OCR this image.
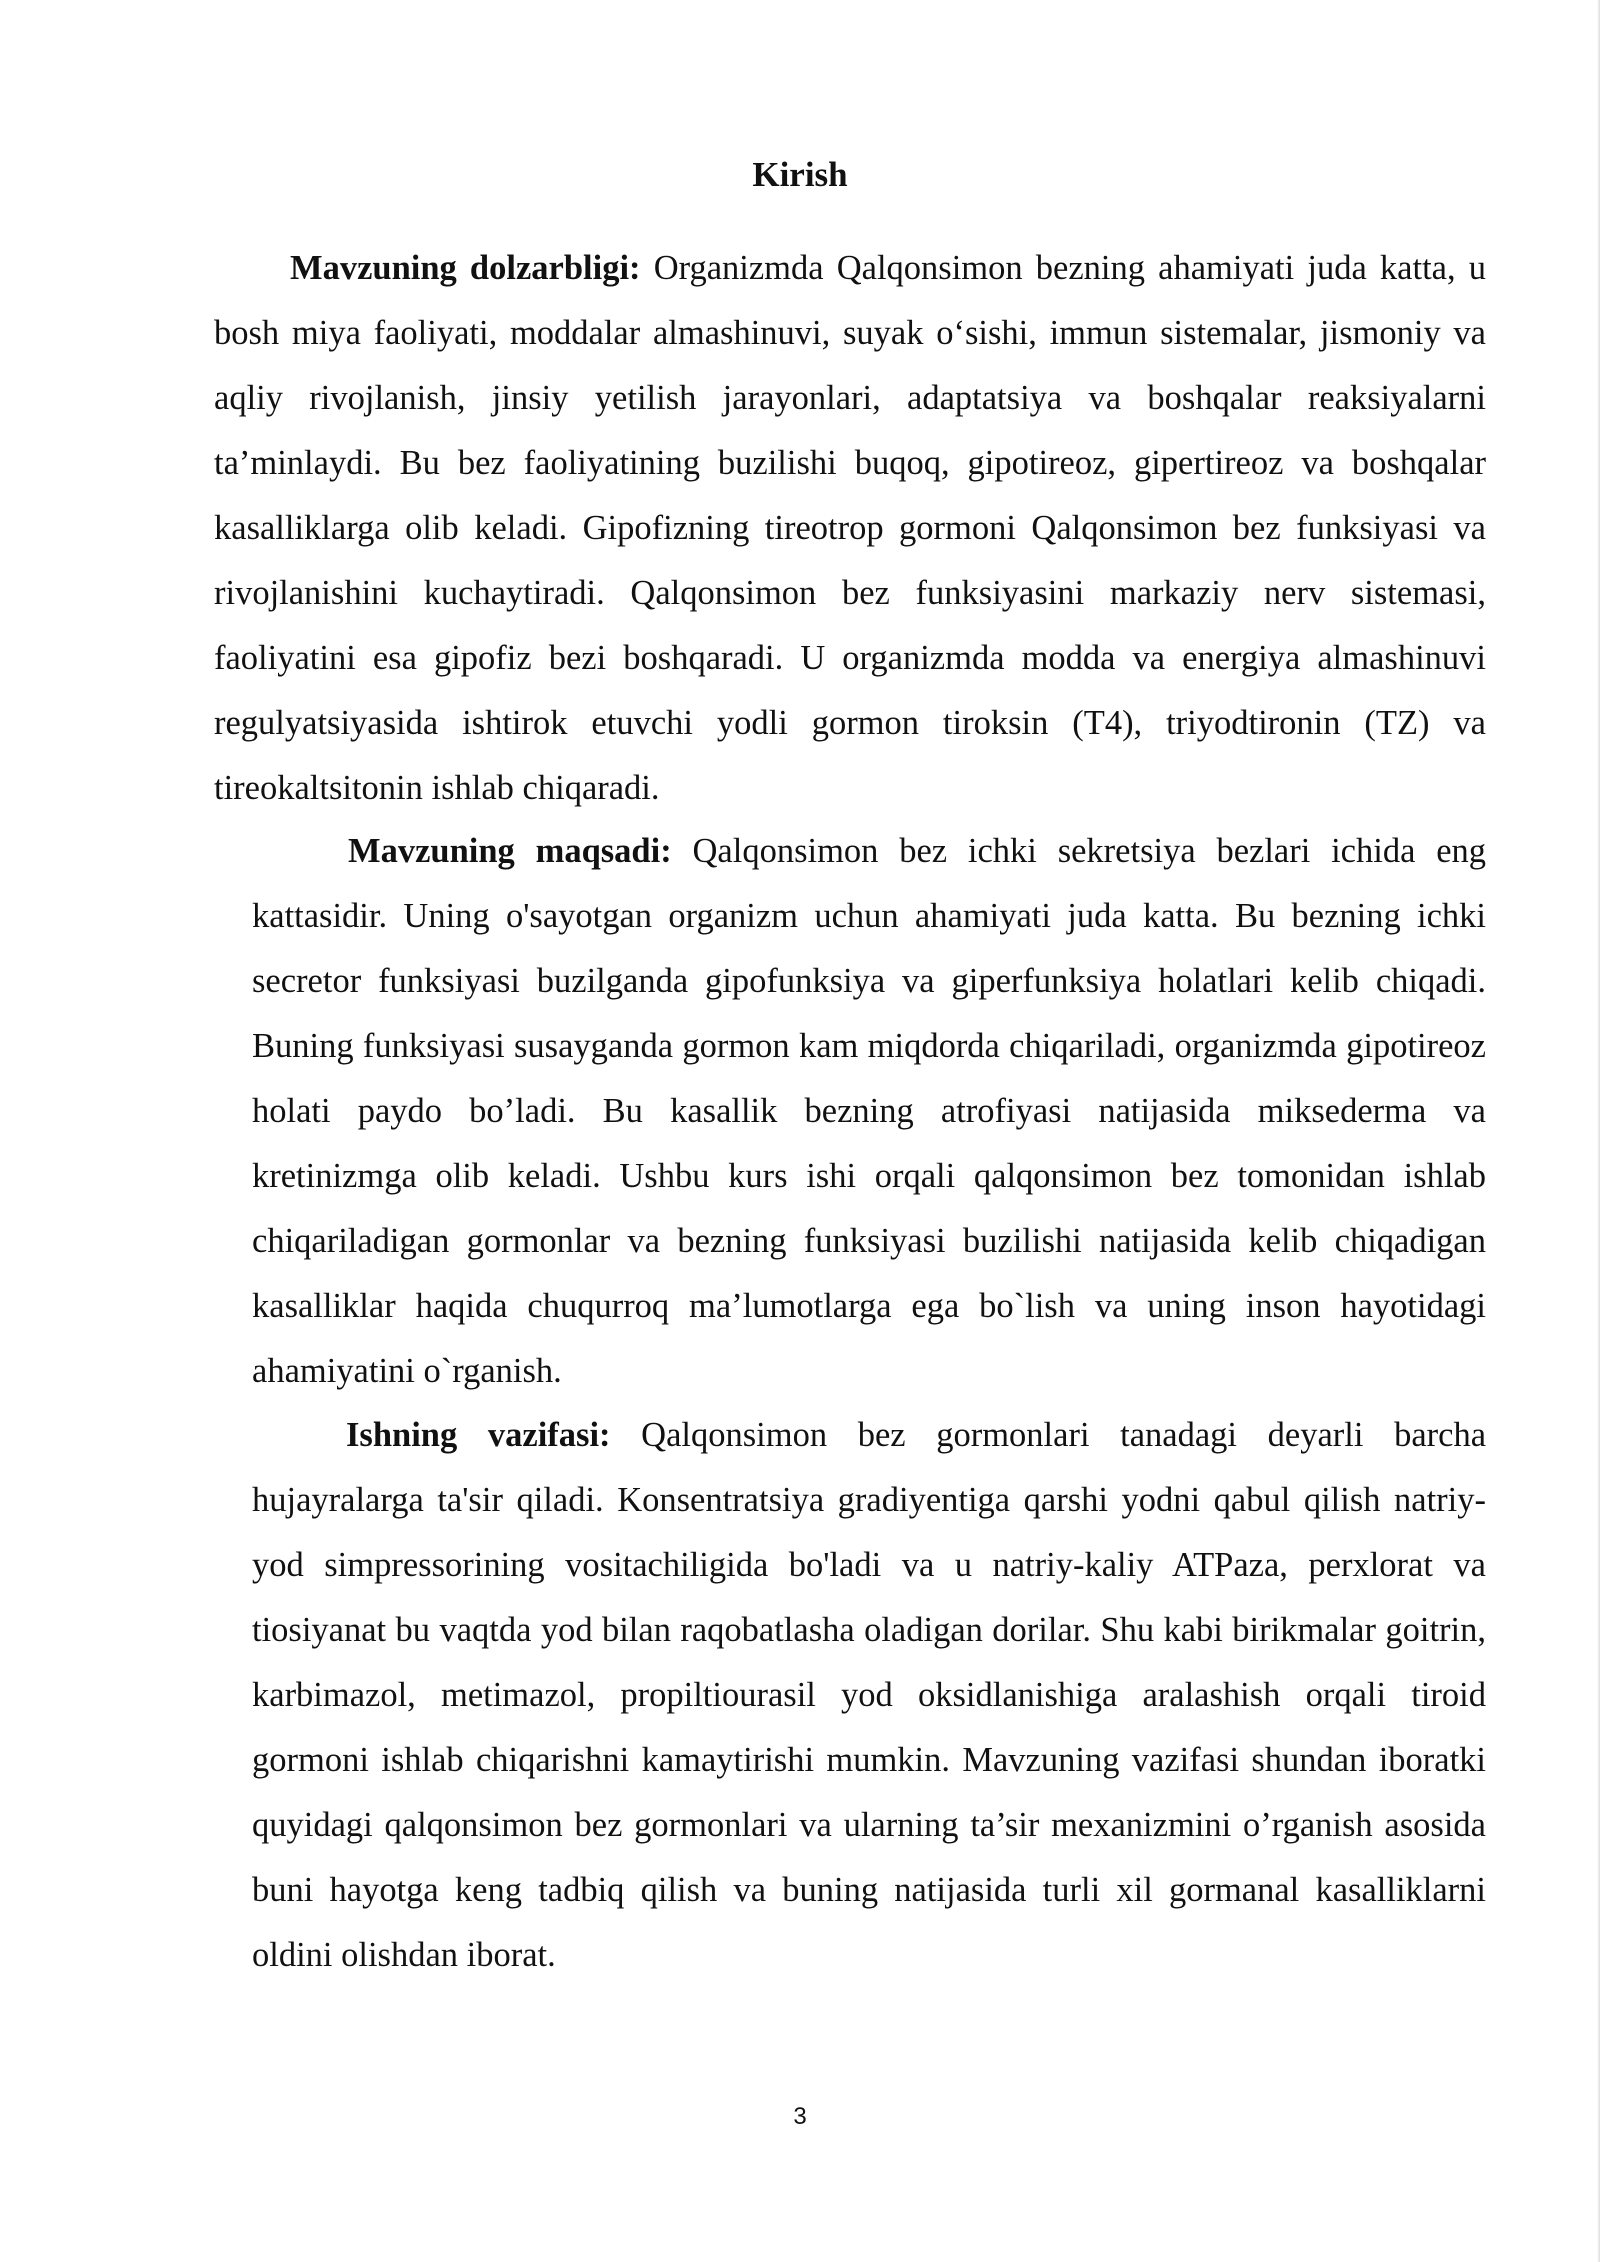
Kirish

Mavzuning dolzarbligi: Organizmda Qalqonsimon bezning ahamiyati juda katta, u bosh miya faoliyati, moddalar almashinuvi, suyak o‘sishi, immun sistemalar, jismoniy va aqliy rivojlanish, jinsiy yetilish jarayonlari, adaptatsiya va boshqalar reaksiyalarni ta’minlaydi. Bu bez faoliyatining buzilishi buqoq, gipotireoz, gipertireoz va boshqalar kasalliklarga olib keladi. Gipofizning tireotrop gormoni Qalqonsimon bez funksiyasi va rivojlanishini kuchaytiradi. Qalqonsimon bez funksiyasini markaziy nerv sistemasi, faoliyatini esa gipofiz bezi boshqaradi. U organizmda modda va energiya almashinuvi regulyatsiyasida ishtirok etuvchi yodli gormon tiroksin (T4), triyodtironin (TZ) va tireokaltsitonin ishlab chiqaradi.

Mavzuning maqsadi: Qalqonsimon bez ichki sekretsiya bezlari ichida eng kattasidir. Uning o'sayotgan organizm uchun ahamiyati juda katta. Bu bezning ichki secretor funksiyasi buzilganda gipofunksiya va giperfunksiya holatlari kelib chiqadi. Buning funksiyasi susayganda gormon kam miqdorda chiqariladi, organizmda gipotireoz holati paydo bo’ladi. Bu kasallik bezning atrofiyasi natijasida miksederma va kretinizmga olib keladi. Ushbu kurs ishi orqali qalqonsimon bez tomonidan ishlab chiqariladigan gormonlar va bezning funksiyasi buzilishi natijasida kelib chiqadigan kasalliklar haqida chuqurroq ma’lumotlarga ega bo`lish va uning inson hayotidagi ahamiyatini o`rganish.

Ishning vazifasi: Qalqonsimon bez gormonlari tanadagi deyarli barcha hujayralarga ta'sir qiladi. Konsentratsiya gradiyentiga qarshi yodni qabul qilish natriy-yod simpressorining vositachiligida bo'ladi va u natriy-kaliy ATPaza, perxlorat va tiosiyanat bu vaqtda yod bilan raqobatlasha oladigan dorilar. Shu kabi birikmalar goitrin, karbimazol, metimazol, propiltiourasil yod oksidlanishiga aralashish orqali tiroid gormoni ishlab chiqarishni kamaytirishi mumkin. Mavzuning vazifasi shundan iboratki quyidagi qalqonsimon bez gormonlari va ularning ta’sir mexanizmini o’rganish asosida buni hayotga keng tadbiq qilish va buning natijasida turli xil gormanal kasalliklarni oldini olishdan iborat.

3
